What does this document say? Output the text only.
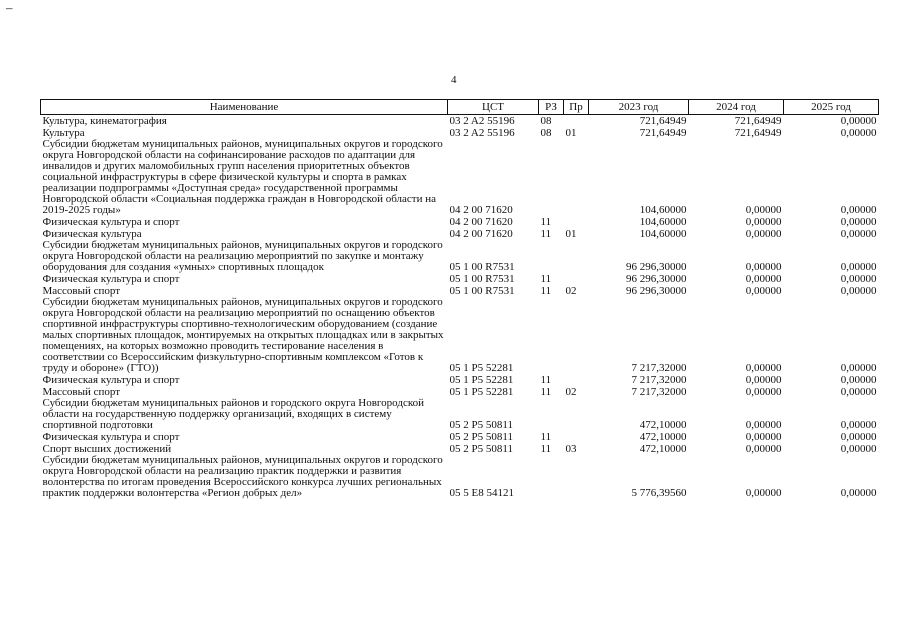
–
4
Наименование	ЦСТ	РЗ	Пр	2023 год	2024 год	2025 год
Культура, кинематография	03 2 A2 55196	08		721,64949	721,64949	0,00000
Культура	03 2 A2 55196	08	01	721,64949	721,64949	0,00000
Субсидии бюджетам муниципальных районов, муниципальных округов и городского округа Новгородской области на софинансирование расходов по адаптации для инвалидов и других маломобильных групп населения приоритетных объектов социальной инфраструктуры в сфере физической культуры и спорта в рамках реализации подпрограммы «Доступная среда» государственной программы Новгородской области «Социальная поддержка граждан в Новгородской области на 2019-2025 годы»	04 2 00 71620			104,60000	0,00000	0,00000
Физическая культура и спорт	04 2 00 71620	11		104,60000	0,00000	0,00000
Физическая культура	04 2 00 71620	11	01	104,60000	0,00000	0,00000
Субсидии бюджетам муниципальных районов, муниципальных округов и городского округа Новгородской области на реализацию мероприятий по закупке и монтажу оборудования для создания «умных» спортивных площадок	05 1 00 R7531			96 296,30000	0,00000	0,00000
Физическая культура и спорт	05 1 00 R7531	11		96 296,30000	0,00000	0,00000
Массовый спорт	05 1 00 R7531	11	02	96 296,30000	0,00000	0,00000
Субсидии бюджетам муниципальных районов, муниципальных округов и городского округа Новгородской области на реализацию мероприятий по оснащению объектов спортивной инфраструктуры спортивно-технологическим оборудованием (создание малых спортивных площадок, монтируемых на открытых площадках или в закрытых помещениях, на которых возможно проводить тестирование населения в соответствии со Всероссийским физкультурно-спортивным комплексом «Готов к труду и обороне» (ГТО))	05 1 P5 52281			7 217,32000	0,00000	0,00000
Физическая культура и спорт	05 1 P5 52281	11		7 217,32000	0,00000	0,00000
Массовый спорт	05 1 P5 52281	11	02	7 217,32000	0,00000	0,00000
Субсидии бюджетам муниципальных районов и городского округа Новгородской области на государственную поддержку организаций, входящих в систему спортивной подготовки	05 2 P5 50811			472,10000	0,00000	0,00000
Физическая культура и спорт	05 2 P5 50811	11		472,10000	0,00000	0,00000
Спорт высших достижений	05 2 P5 50811	11	03	472,10000	0,00000	0,00000
Субсидии бюджетам муниципальных районов, муниципальных округов и городского округа Новгородской области на реализацию практик поддержки и развития волонтерства по итогам проведения Всероссийского конкурса лучших региональных практик поддержки волонтерства «Регион добрых дел»	05 5 E8 54121			5 776,39560	0,00000	0,00000
